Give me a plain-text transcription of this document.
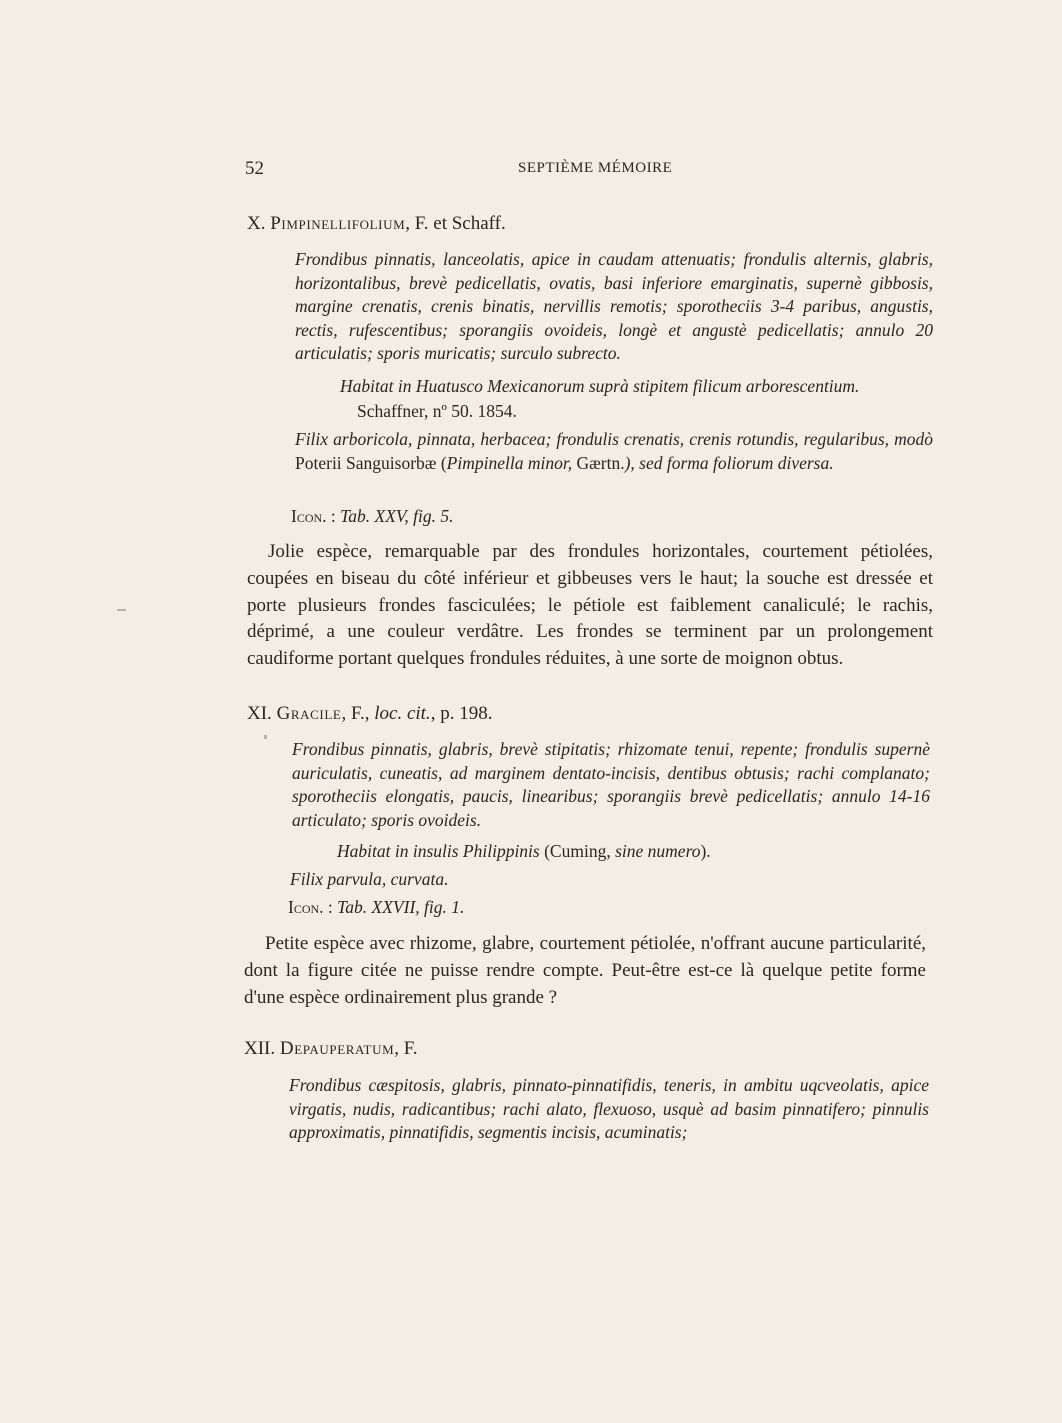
52	SEPTIÈME MÉMOIRE
X. Pimpinellifolium, F. et Schaff.
Frondibus pinnatis, lanceolatis, apice in caudam attenuatis; frondulis alternis, glabris, horizontalibus, brevè pedicellatis, ovatis, basi inferiore emarginatis, supernè gibbosis, margine crenatis, crenis binatis, nervillis remotis; sporotheciis 3-4 paribus, angustis, rectis, rufescentibus; sporangiis ovoideis, longè et angustè pedicellatis; annulo 20 articulatis; sporis muricatis; surculo subrecto.
Habitat in Huatusco Mexicanorum suprà stipitem filicum arborescentium.
Schaffner, nº 50. 1854.
Filix arboricola, pinnata, herbacea; frondulis crenatis, crenis rotundis, regularibus, modò Poterii Sanguisorbæ (Pimpinella minor, Gærtn.), sed forma foliorum diversa.
Icon. : Tab. XXV, fig. 5.
Jolie espèce, remarquable par des frondules horizontales, courtement pétiolées, coupées en biseau du côté inférieur et gibbeuses vers le haut; la souche est dressée et porte plusieurs frondes fasciculées; le pétiole est faiblement canaliculé; le rachis, déprimé, a une couleur verdâtre. Les frondes se terminent par un prolongement caudiforme portant quelques frondules réduites, à une sorte de moignon obtus.
XI. Gracile, F., loc. cit., p. 198.
Frondibus pinnatis, glabris, brevè stipitatis; rhizomate tenui, repente; frondulis supernè auriculatis, cuneatis, ad marginem dentato-incisis, dentibus obtusis; rachi complanato; sporotheciis elongatis, paucis, linearibus; sporangiis brevè pedicellatis; annulo 14-16 articulato; sporis ovoideis.
Habitat in insulis Philippinis (Cuming, sine numero).
Filix parvula, curvata.
Icon. : Tab. XXVII, fig. 1.
Petite espèce avec rhizome, glabre, courtement pétiolée, n'offrant aucune particularité, dont la figure citée ne puisse rendre compte. Peut-être est-ce là quelque petite forme d'une espèce ordinairement plus grande ?
XII. Depauperatum, F.
Frondibus cæspitosis, glabris, pinnato-pinnatifidis, teneris, in ambitu uqcveolatis, apice virgatis, nudis, radicantibus; rachi alato, flexuoso, usquè ad basim pinnatifero; pinnulis approximatis, pinnatifidis, segmentis incisis, acuminatis;
